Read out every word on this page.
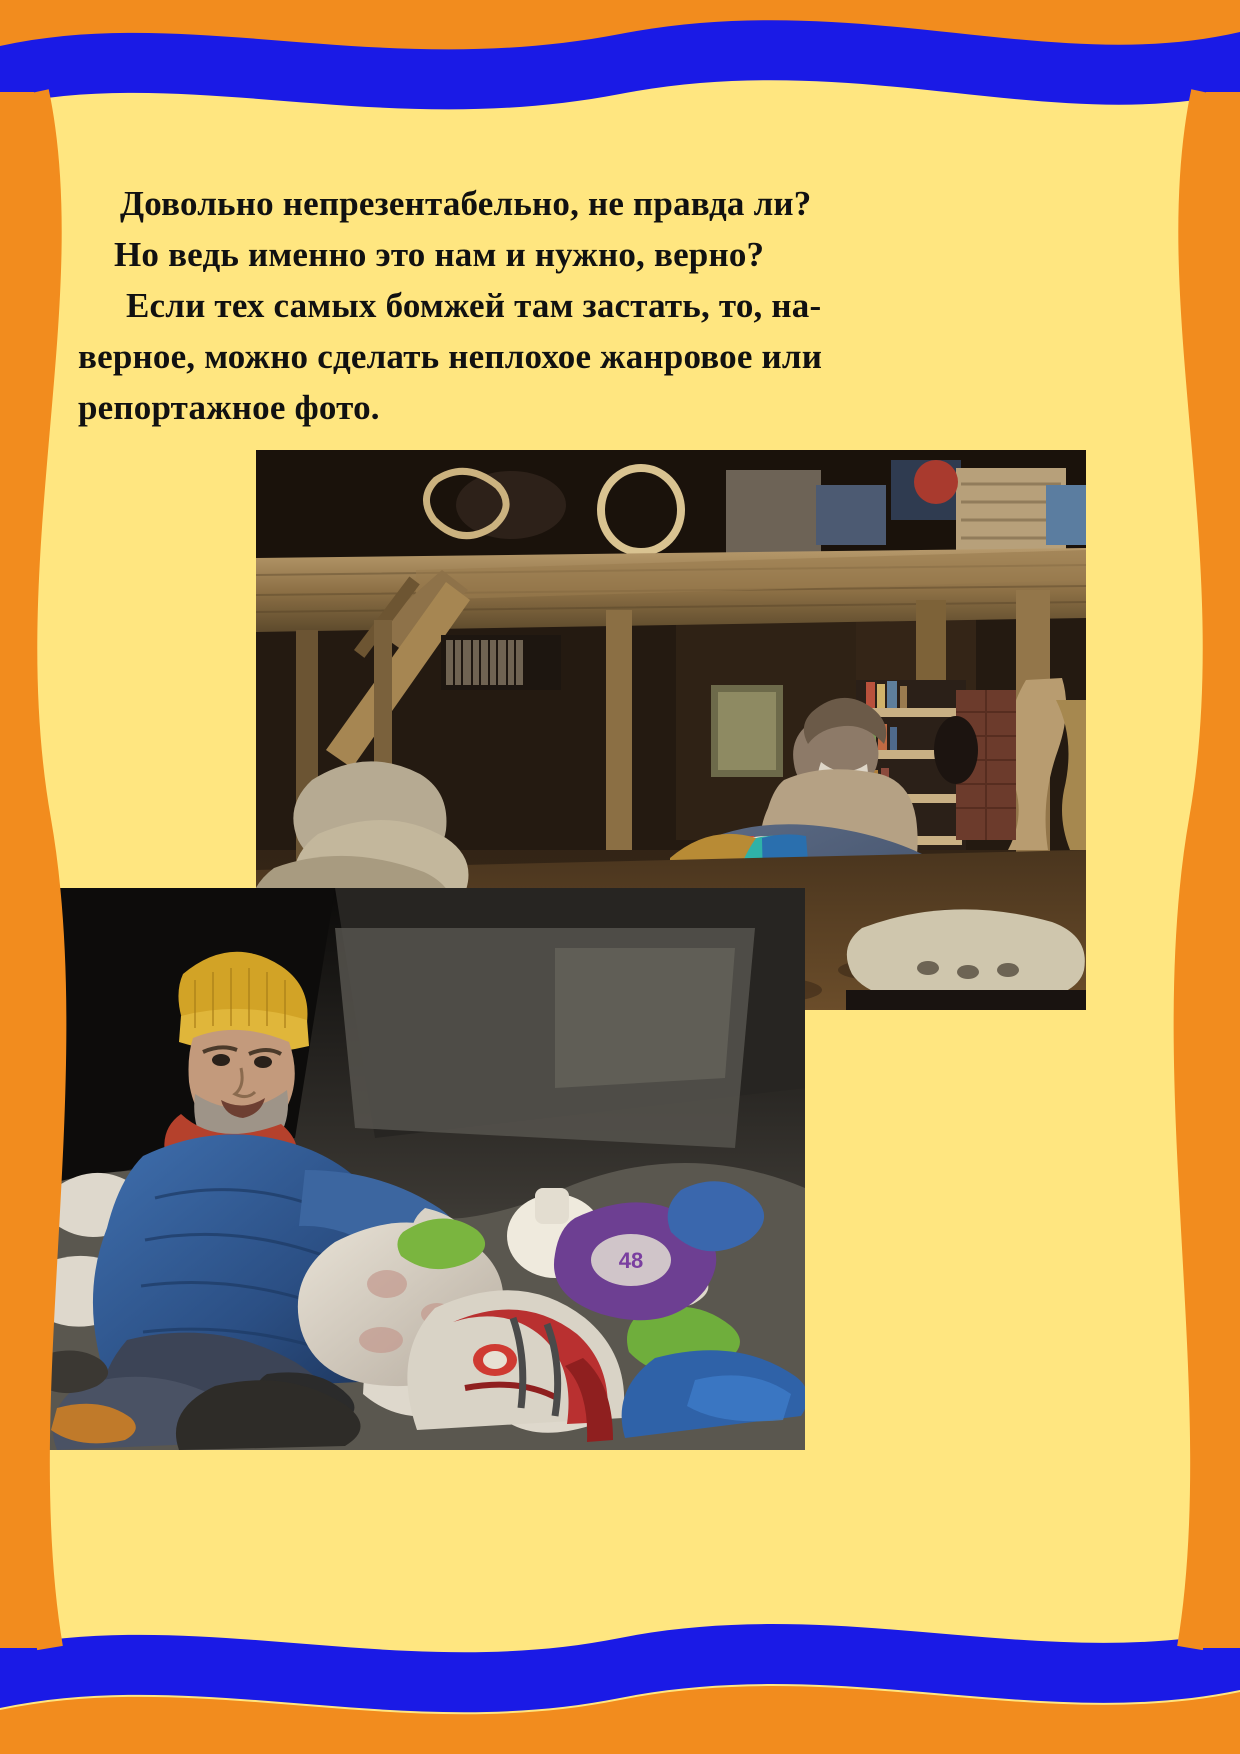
Довольно непрезентабельно, не правда ли?
Но ведь именно это нам и нужно, верно?
Если тех самых бомжей там застать, то, на-
верное, можно сделать неплохое жанровое или
репортажное фото.
48
